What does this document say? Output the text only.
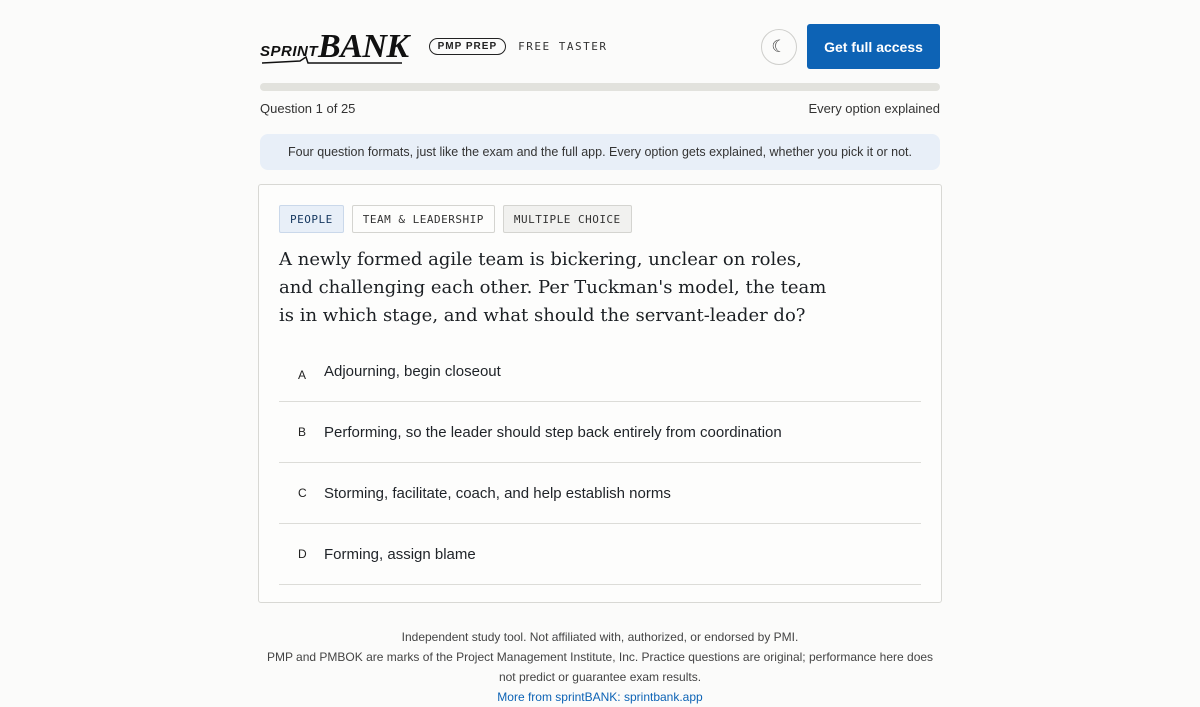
SPRINT BANK	PMP PREP	FREE TASTER	☾	Get full access
Question 1 of 25	Every option explained
Four question formats, just like the exam and the full app. Every option gets explained, whether you pick it or not.
PEOPLE	TEAM & LEADERSHIP	MULTIPLE CHOICE
A newly formed agile team is bickering, unclear on roles, and challenging each other. Per Tuckman's model, the team is in which stage, and what should the servant-leader do?
A	Adjourning, begin closeout
B	Performing, so the leader should step back entirely from coordination
C	Storming, facilitate, coach, and help establish norms
D	Forming, assign blame
Independent study tool. Not affiliated with, authorized, or endorsed by PMI.
PMP and PMBOK are marks of the Project Management Institute, Inc. Practice questions are original; performance here does not predict or guarantee exam results.
More from sprintBANK: sprintbank.app
